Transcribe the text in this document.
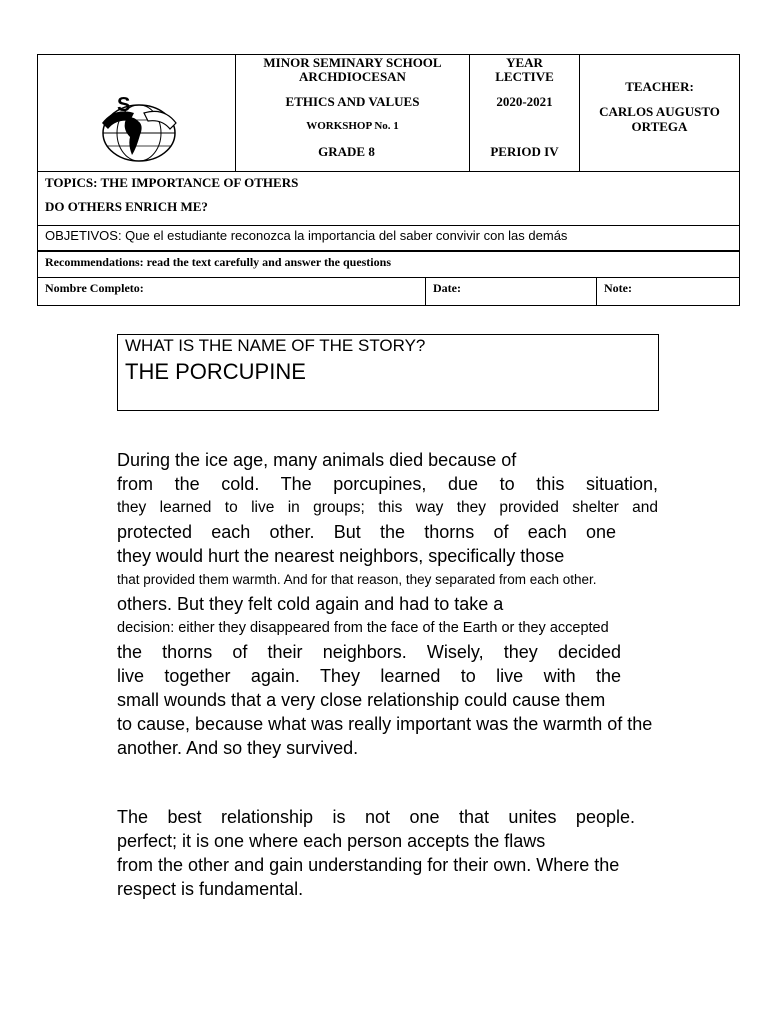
S
MINOR SEMINARY SCHOOL
ARCHDIOCESAN
ETHICS AND VALUES
WORKSHOP No. 1
GRADE 8
YEAR
LECTIVE
2020-2021
PERIOD IV
TEACHER:
CARLOS AUGUSTO
ORTEGA
TOPICS: THE IMPORTANCE OF OTHERS
DO OTHERS ENRICH ME?
OBJETIVOS: Que el estudiante reconozca la importancia del saber convivir con las demás
Recommendations: read the text carefully and answer the questions
Nombre Completo:	Date:	Note:
WHAT IS THE NAME OF THE STORY?
THE PORCUPINE
During the ice age, many animals died because of
from the cold. The porcupines, due to this situation,
they learned to live in groups; this way they provided shelter and
protected each other. But the thorns of each one
they would hurt the nearest neighbors, specifically those
that provided them warmth. And for that reason, they separated from each other.
others. But they felt cold again and had to take a
decision: either they disappeared from the face of the Earth or they accepted
the thorns of their neighbors. Wisely, they decided
live together again. They learned to live with the
small wounds that a very close relationship could cause them
to cause, because what was really important was the warmth of the
another. And so they survived.
The best relationship is not one that unites people.
perfect; it is one where each person accepts the flaws
from the other and gain understanding for their own. Where the
respect is fundamental.
